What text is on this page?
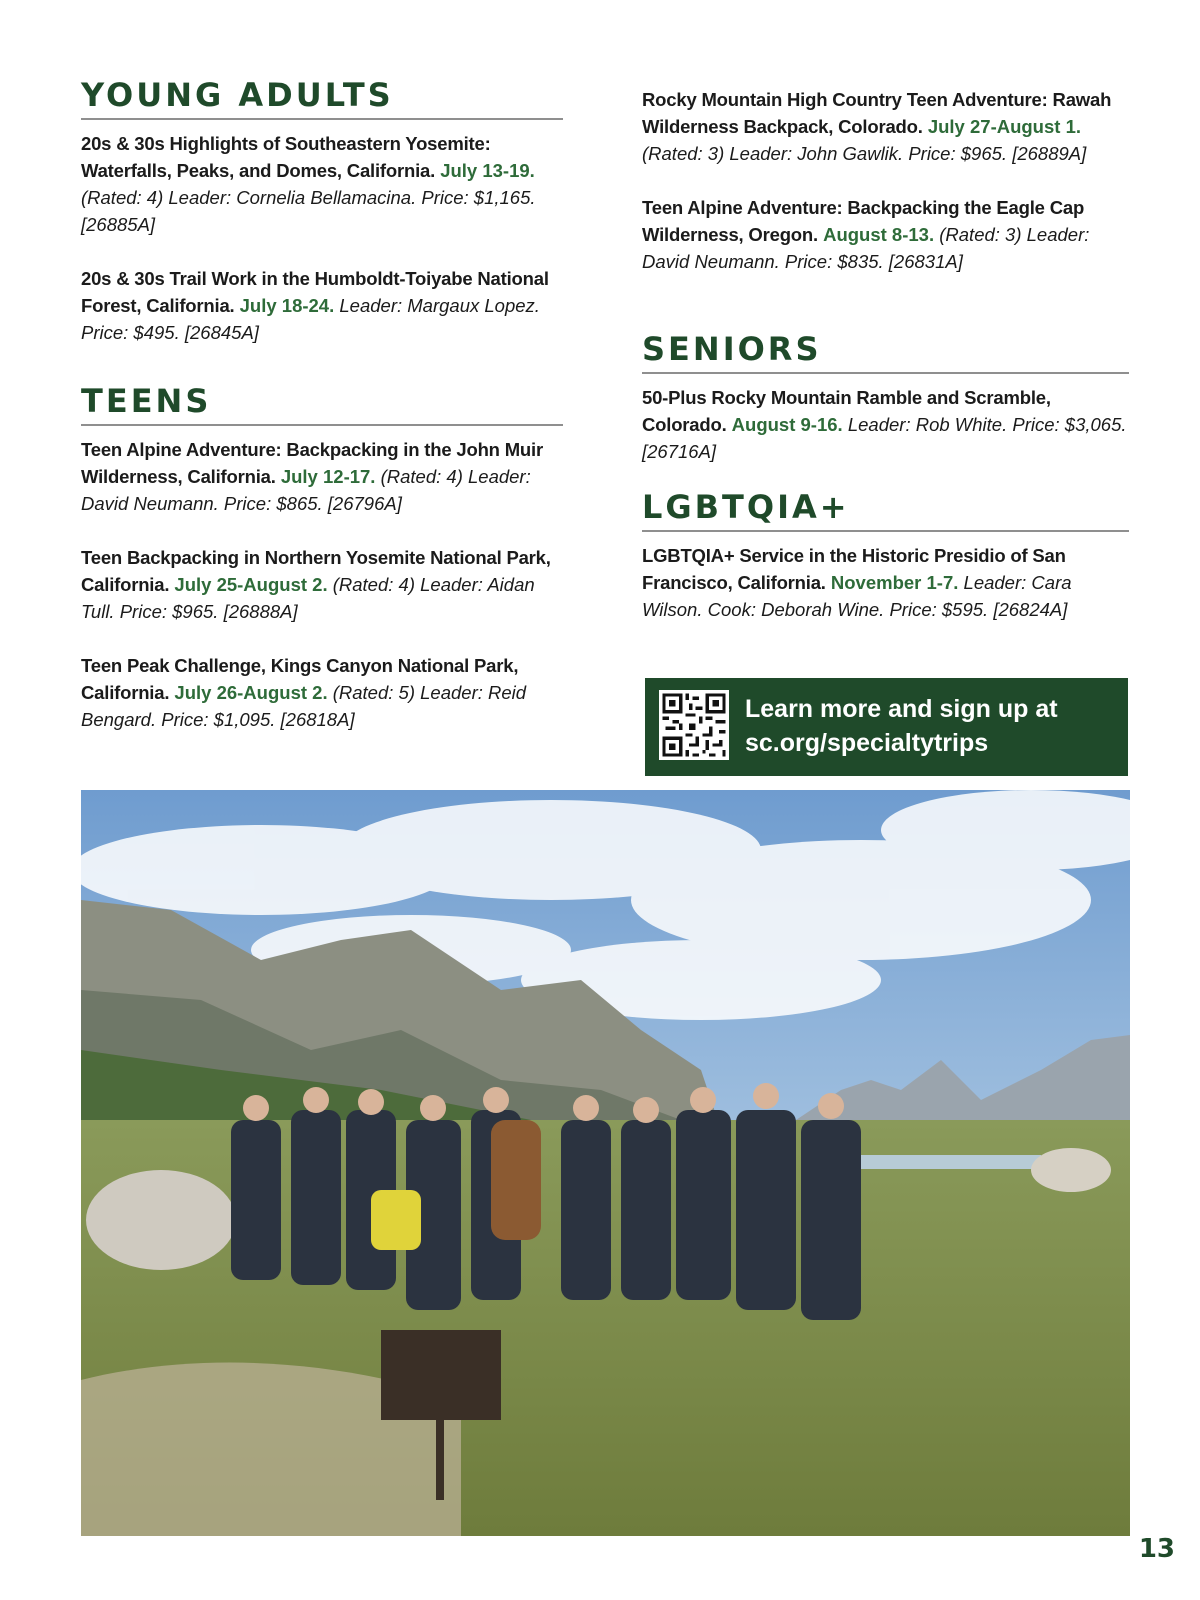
YOUNG ADULTS

20s & 30s Highlights of Southeastern Yosemite: Waterfalls, Peaks, and Domes, California. July 13-19. (Rated: 4) Leader: Cornelia Bellamacina. Price: $1,165. [26885A]

20s & 30s Trail Work in the Humboldt-Toiyabe National Forest, California. July 18-24. Leader: Margaux Lopez. Price: $495. [26845A]

TEENS

Teen Alpine Adventure: Backpacking in the John Muir Wilderness, California. July 12-17. (Rated: 4) Leader: David Neumann. Price: $865. [26796A]

Teen Backpacking in Northern Yosemite National Park, California. July 25-August 2. (Rated: 4) Leader: Aidan Tull. Price: $965. [26888A]

Teen Peak Challenge, Kings Canyon National Park, California. July 26-August 2. (Rated: 5) Leader: Reid Bengard. Price: $1,095. [26818A]

Rocky Mountain High Country Teen Adventure: Rawah Wilderness Backpack, Colorado. July 27-August 1. (Rated: 3) Leader: John Gawlik. Price: $965. [26889A]

Teen Alpine Adventure: Backpacking the Eagle Cap Wilderness, Oregon. August 8-13. (Rated: 3) Leader: David Neumann. Price: $835. [26831A]

SENIORS

50-Plus Rocky Mountain Ramble and Scramble, Colorado. August 9-16. Leader: Rob White. Price: $3,065. [26716A]

LGBTQIA+

LGBTQIA+ Service in the Historic Presidio of San Francisco, California. November 1-7. Leader: Cara Wilson. Cook: Deborah Wine. Price: $595. [26824A]

Learn more and sign up at
sc.org/specialtytrips
13
